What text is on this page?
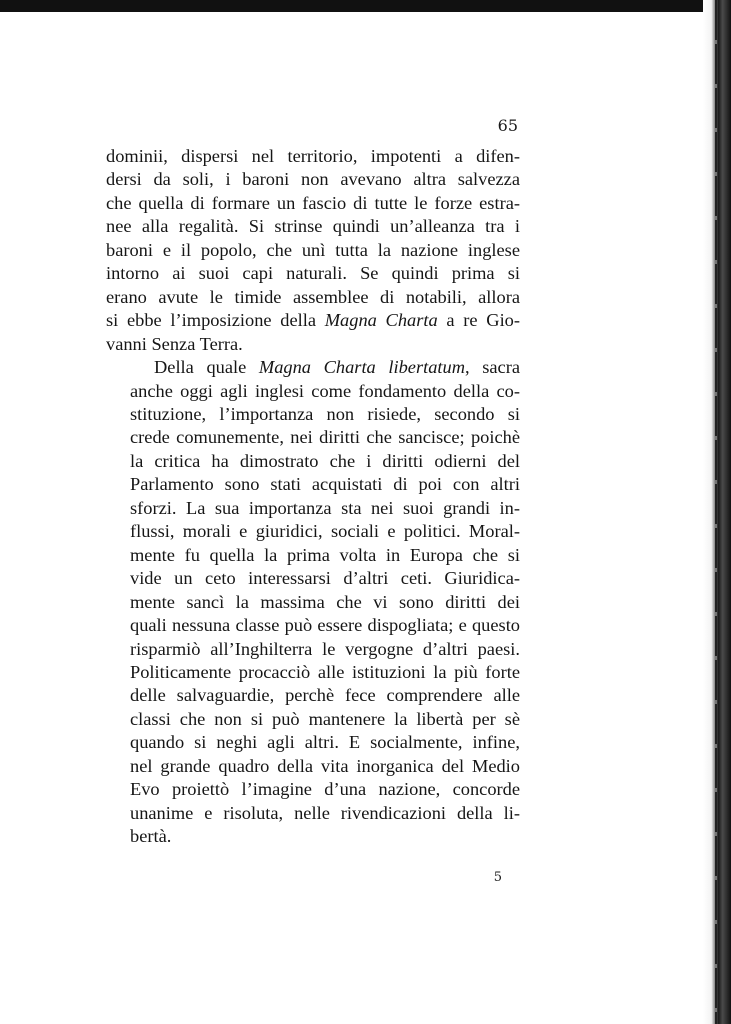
65

dominii, dispersi nel territorio, impotenti a difen-
dersi da soli, i baroni non avevano altra salvezza
che quella di formare un fascio di tutte le forze estra-
nee alla regalità. Si strinse quindi un’alleanza tra i
baroni e il popolo, che unì tutta la nazione inglese
intorno ai suoi capi naturali. Se quindi prima si
erano avute le timide assemblee di notabili, allora
si ebbe l’imposizione della Magna Charta a re Gio-
vanni Senza Terra.

Della quale Magna Charta libertatum, sacra
anche oggi agli inglesi come fondamento della co-
stituzione, l’importanza non risiede, secondo si
crede comunemente, nei diritti che sancisce; poichè
la critica ha dimostrato che i diritti odierni del
Parlamento sono stati acquistati di poi con altri
sforzi. La sua importanza sta nei suoi grandi in-
flussi, morali e giuridici, sociali e politici. Moral-
mente fu quella la prima volta in Europa che si
vide un ceto interessarsi d’altri ceti. Giuridica-
mente sancì la massima che vi sono diritti dei
quali nessuna classe può essere dispogliata; e questo
risparmiò all’Inghilterra le vergogne d’altri paesi.
Politicamente procacciò alle istituzioni la più forte
delle salvaguardie, perchè fece comprendere alle
classi che non si può mantenere la libertà per sè
quando si neghi agli altri. E socialmente, infine,
nel grande quadro della vita inorganica del Medio
Evo proiettò l’imagine d’una nazione, concorde
unanime e risoluta, nelle rivendicazioni della li-
bertà.

5
